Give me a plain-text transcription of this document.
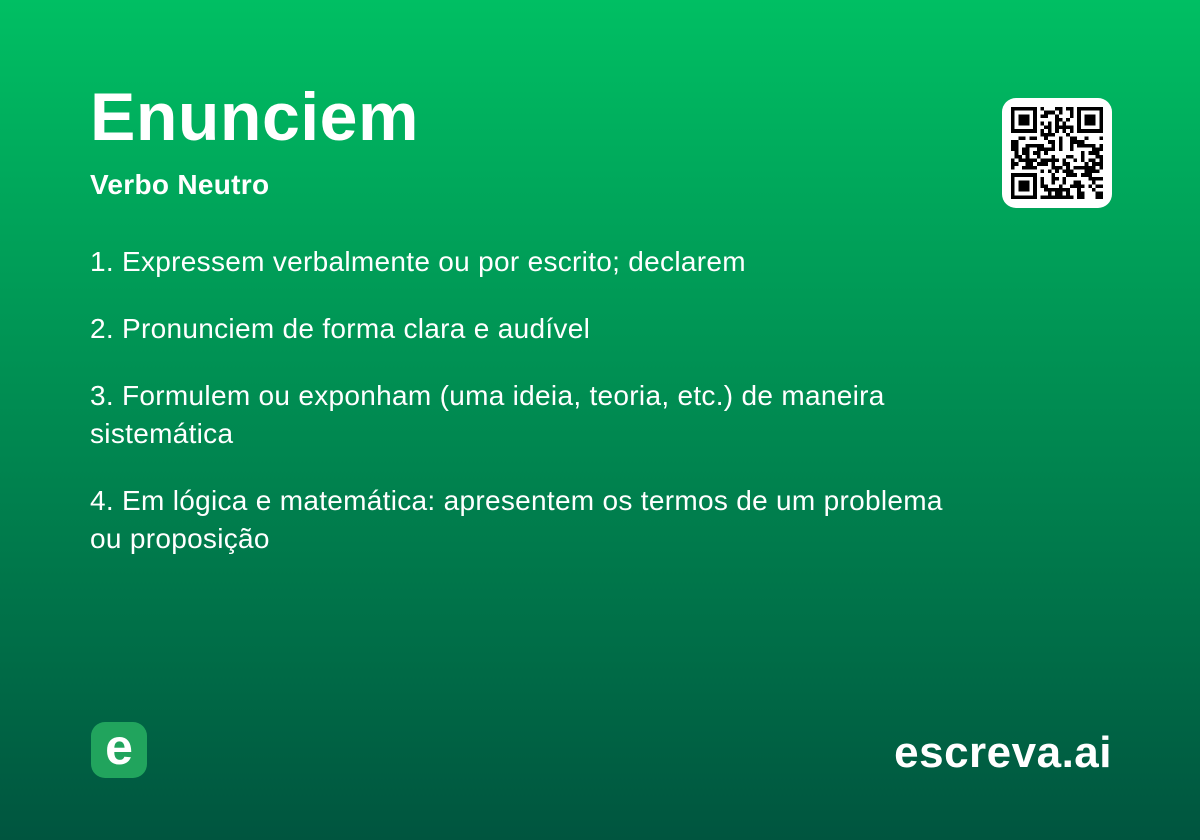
Enunciem
Verbo Neutro
1. Expressem verbalmente ou por escrito; declarem
2. Pronunciem de forma clara e audível
3. Formulem ou exponham (uma ideia, teoria, etc.) de maneira sistemática
4. Em lógica e matemática: apresentem os termos de um problema ou proposição
e	escreva.ai
